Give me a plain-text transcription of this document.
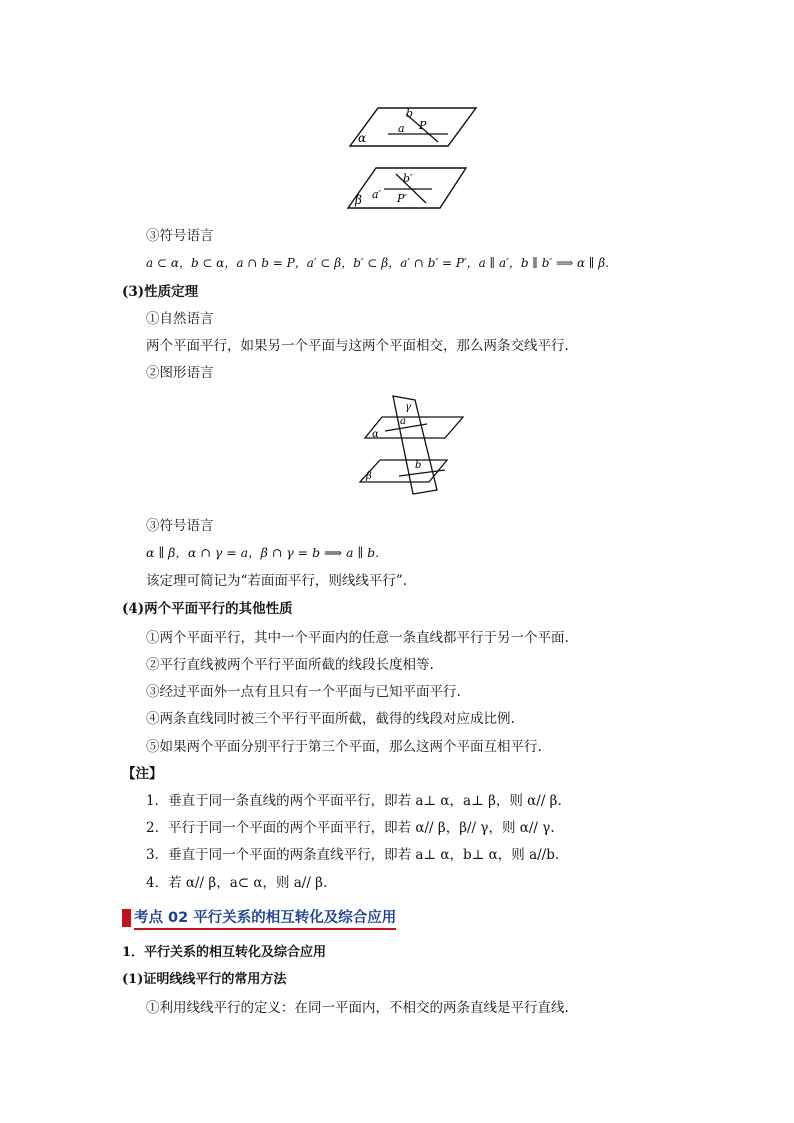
α
a
b
P
β a′
b′
P′
③符号语言
a ⊂ α，b ⊂ α，a ∩ b = P，a′ ⊂ β，b′ ⊂ β，a′ ∩ b′ = P′，a ∥ a′，b ∥ b′ ⟹ α ∥ β.
(3)性质定理
①自然语言
两个平面平行，如果另一个平面与这两个平面相交，那么两条交线平行.
②图形语言
γ
a
α
b
β
③符号语言
α ∥ β，α ∩ γ = a，β ∩ γ = b ⟹ a ∥ b.
该定理可简记为“若面面平行，则线线平行”.
(4)两个平面平行的其他性质
①两个平面平行，其中一个平面内的任意一条直线都平行于另一个平面.
②平行直线被两个平行平面所截的线段长度相等.
③经过平面外一点有且只有一个平面与已知平面平行.
④两条直线同时被三个平行平面所截，截得的线段对应成比例.
⑤如果两个平面分别平行于第三个平面，那么这两个平面互相平行.
【注】
1．垂直于同一条直线的两个平面平行，即若 a⊥ α，a⊥ β，则 α// β.
2．平行于同一个平面的两个平面平行，即若 α// β，β// γ，则 α// γ.
3．垂直于同一个平面的两条直线平行，即若 a⊥ α，b⊥ α，则 a//b.
4．若 α// β，a⊂ α，则 a// β.
考点 02 平行关系的相互转化及综合应用
1．平行关系的相互转化及综合应用
(1)证明线线平行的常用方法
①利用线线平行的定义：在同一平面内，不相交的两条直线是平行直线.
